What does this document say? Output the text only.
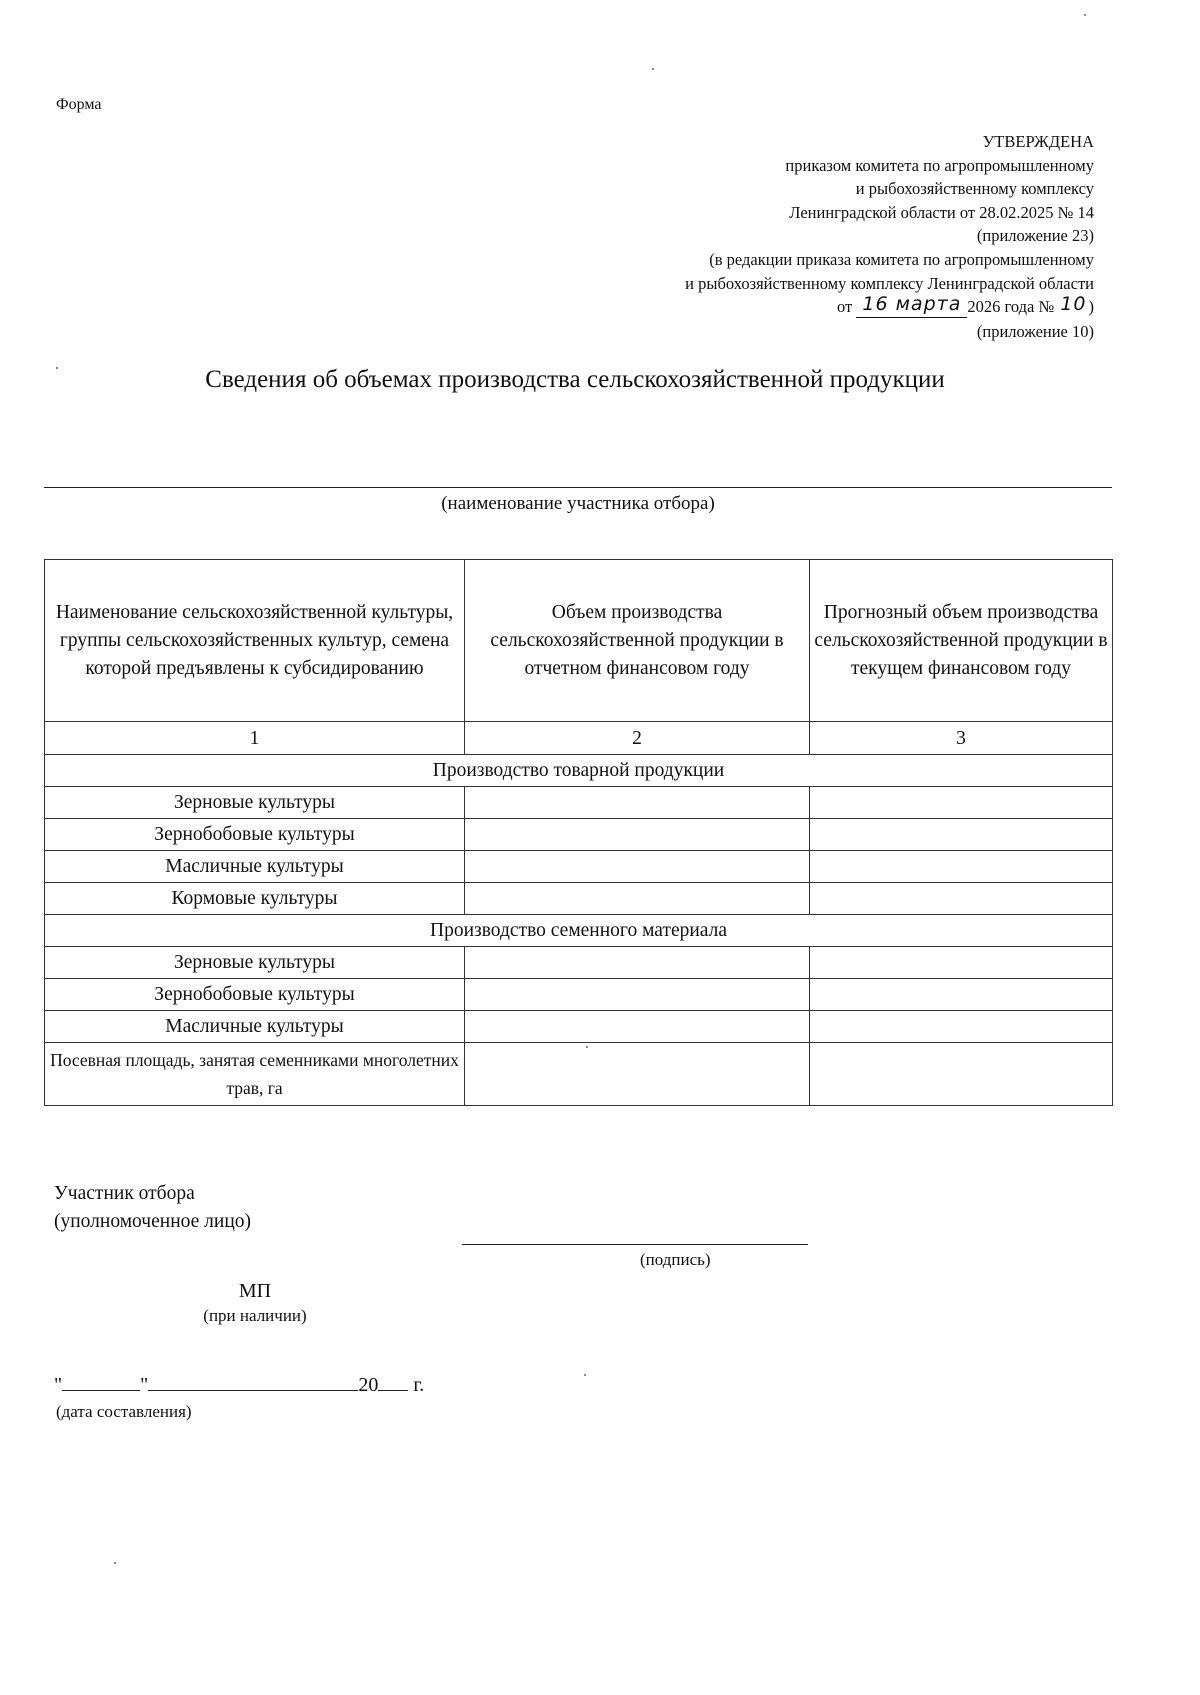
Форма
УТВЕРЖДЕНА
приказом комитета по агропромышленному
и рыбохозяйственному комплексу
Ленинградской области от 28.02.2025 № 14
(приложение 23)
(в редакции приказа комитета по агропромышленному
и рыбохозяйственному комплексу Ленинградской области
от 16 марта 2026 года № 10 )
(приложение 10)
Сведения об объемах производства сельскохозяйственной продукции
(наименование участника отбора)
Наименование сельскохозяйственной культуры, группы сельскохозяйственных культур, семена которой предъявлены к субсидированию	Объем производства сельскохозяйственной продукции в отчетном финансовом году	Прогнозный объем производства сельскохозяйственной продукции в текущем финансовом году
1	2	3
Производство товарной продукции		
Зерновые культуры		
Зернобобовые культуры		
Масличные культуры		
Кормовые культуры		
Производство семенного материала		
Зерновые культуры		
Зернобобовые культуры		
Масличные культуры		
Посевная площадь, занятая семенниками многолетних трав, га		
Участник отбора
(уполномоченное лицо)
(подпись)
МП
(при наличии)
"	"	20 г.
(дата составления)
